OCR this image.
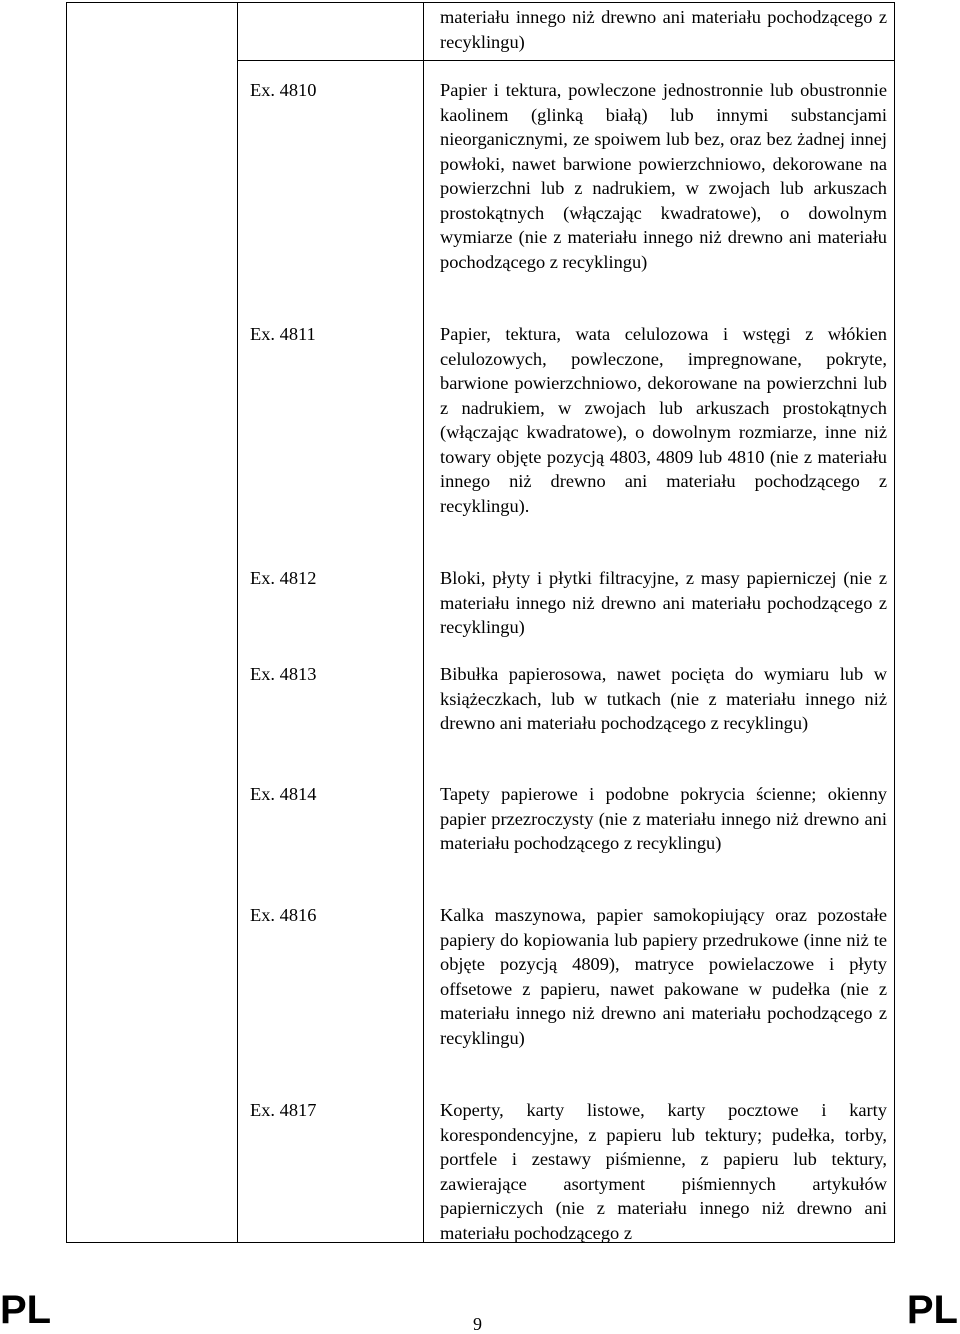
materiału innego niż drewno ani materiału pochodzącego z recyklingu)
Ex. 4810	Papier i tektura, powleczone jednostronnie lub obustronnie kaolinem (glinką białą) lub innymi substancjami nieorganicznymi, ze spoiwem lub bez, oraz bez żadnej innej powłoki, nawet barwione powierzchniowo, dekorowane na powierzchni lub z nadrukiem, w zwojach lub arkuszach prostokątnych (włączając kwadratowe), o dowolnym wymiarze (nie z materiału innego niż drewno ani materiału pochodzącego z recyklingu)
Ex. 4811	Papier, tektura, wata celulozowa i wstęgi z włókien celulozowych, powleczone, impregnowane, pokryte, barwione powierzchniowo, dekorowane na powierzchni lub z nadrukiem, w zwojach lub arkuszach prostokątnych (włączając kwadratowe), o dowolnym rozmiarze, inne niż towary objęte pozycją 4803, 4809 lub 4810 (nie z materiału innego niż drewno ani materiału pochodzącego z recyklingu).
Ex. 4812	Bloki, płyty i płytki filtracyjne, z masy papierniczej (nie z materiału innego niż drewno ani materiału pochodzącego z recyklingu)
Ex. 4813	Bibułka papierosowa, nawet pocięta do wymiaru lub w książeczkach, lub w tutkach (nie z materiału innego niż drewno ani materiału pochodzącego z recyklingu)
Ex. 4814	Tapety papierowe i podobne pokrycia ścienne; okienny papier przezroczysty (nie z materiału innego niż drewno ani materiału pochodzącego z recyklingu)
Ex. 4816	Kalka maszynowa, papier samokopiujący oraz pozostałe papiery do kopiowania lub papiery przedrukowe (inne niż te objęte pozycją 4809), matryce powielaczowe i płyty offsetowe z papieru, nawet pakowane w pudełka (nie z materiału innego niż drewno ani materiału pochodzącego z recyklingu)
Ex. 4817	Koperty, karty listowe, karty pocztowe i karty korespondencyjne, z papieru lub tektury; pudełka, torby, portfele i zestawy piśmienne, z papieru lub tektury, zawierające asortyment piśmiennych artykułów papierniczych (nie z materiału innego niż drewno ani materiału pochodzącego z
PL	9	PL
